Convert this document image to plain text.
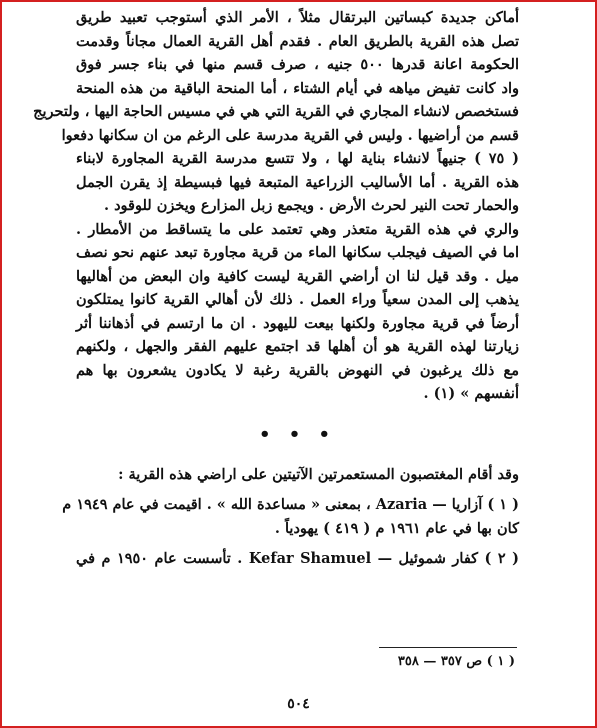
أماكن جديدة كبساتين البرتقال مثلاً ، الأمر الذي أستوجب تعبيد طريق
تصل هذه القرية بالطريق العام . فقدم أهل القرية العمال مجاناً وقدمت
الحكومة اعانة قدرها ٥٠٠ جنيه ، صرف قسم منها في بناء جسر فوق
واد كانت تفيض مياهه في أيام الشتاء ، أما المنحة الباقية من هذه المنحة
فستخصص لانشاء المجاري في القرية التي هي في مسيس الحاجة اليها ، ولتحريج
قسم من أراضيها . وليس في القرية مدرسة على الرغم من ان سكانها دفعوا
( ٧٥ ) جنيهاً لانشاء بناية لها ، ولا تتسع مدرسة القرية المجاورة لابناء
هذه القرية . أما الأساليب الزراعية المتبعة فيها فبسيطة إذ يقرن الجمل
والحمار تحت النير لحرث الأرض . ويجمع زبل المزارع ويخزن للوقود .
والري في هذه القرية متعذر وهي تعتمد على ما يتساقط من الأمطار .
اما في الصيف فيجلب سكانها الماء من قرية مجاورة تبعد عنهم نحو نصف
ميل . وقد قيل لنا ان أراضي القرية ليست كافية وان البعض من أهاليها
يذهب إلى المدن سعياً وراء العمل . ذلك لأن أهالي القرية كانوا يمتلكون
أرضاً في قرية مجاورة ولكنها بيعت لليهود . ان ما ارتسم في أذهاننا أثر
زيارتنا لهذه القرية هو أن أهلها قد اجتمع عليهم الفقر والجهل ، ولكنهم
مع ذلك يرغبون في النهوض بالقرية رغبة لا يكادون يشعرون بها هم
أنفسهم » (١) .
• • •
وقد أقام المغتصبون المستعمرتين الآتيتين على اراضي هذه القرية :
( ١ ) آزاريا — Azaria ، بمعنى « مساعدة الله » . اقيمت في عام ١٩٤٩ م
كان بها في عام ١٩٦١ م ( ٤١٩ ) يهودياً .
( ٢ ) كفار شموئيل — Kefar Shamuel . تأسست عام ١٩٥٠ م في
( ١ ) ص ٣٥٧ — ٣٥٨
٥٠٤
